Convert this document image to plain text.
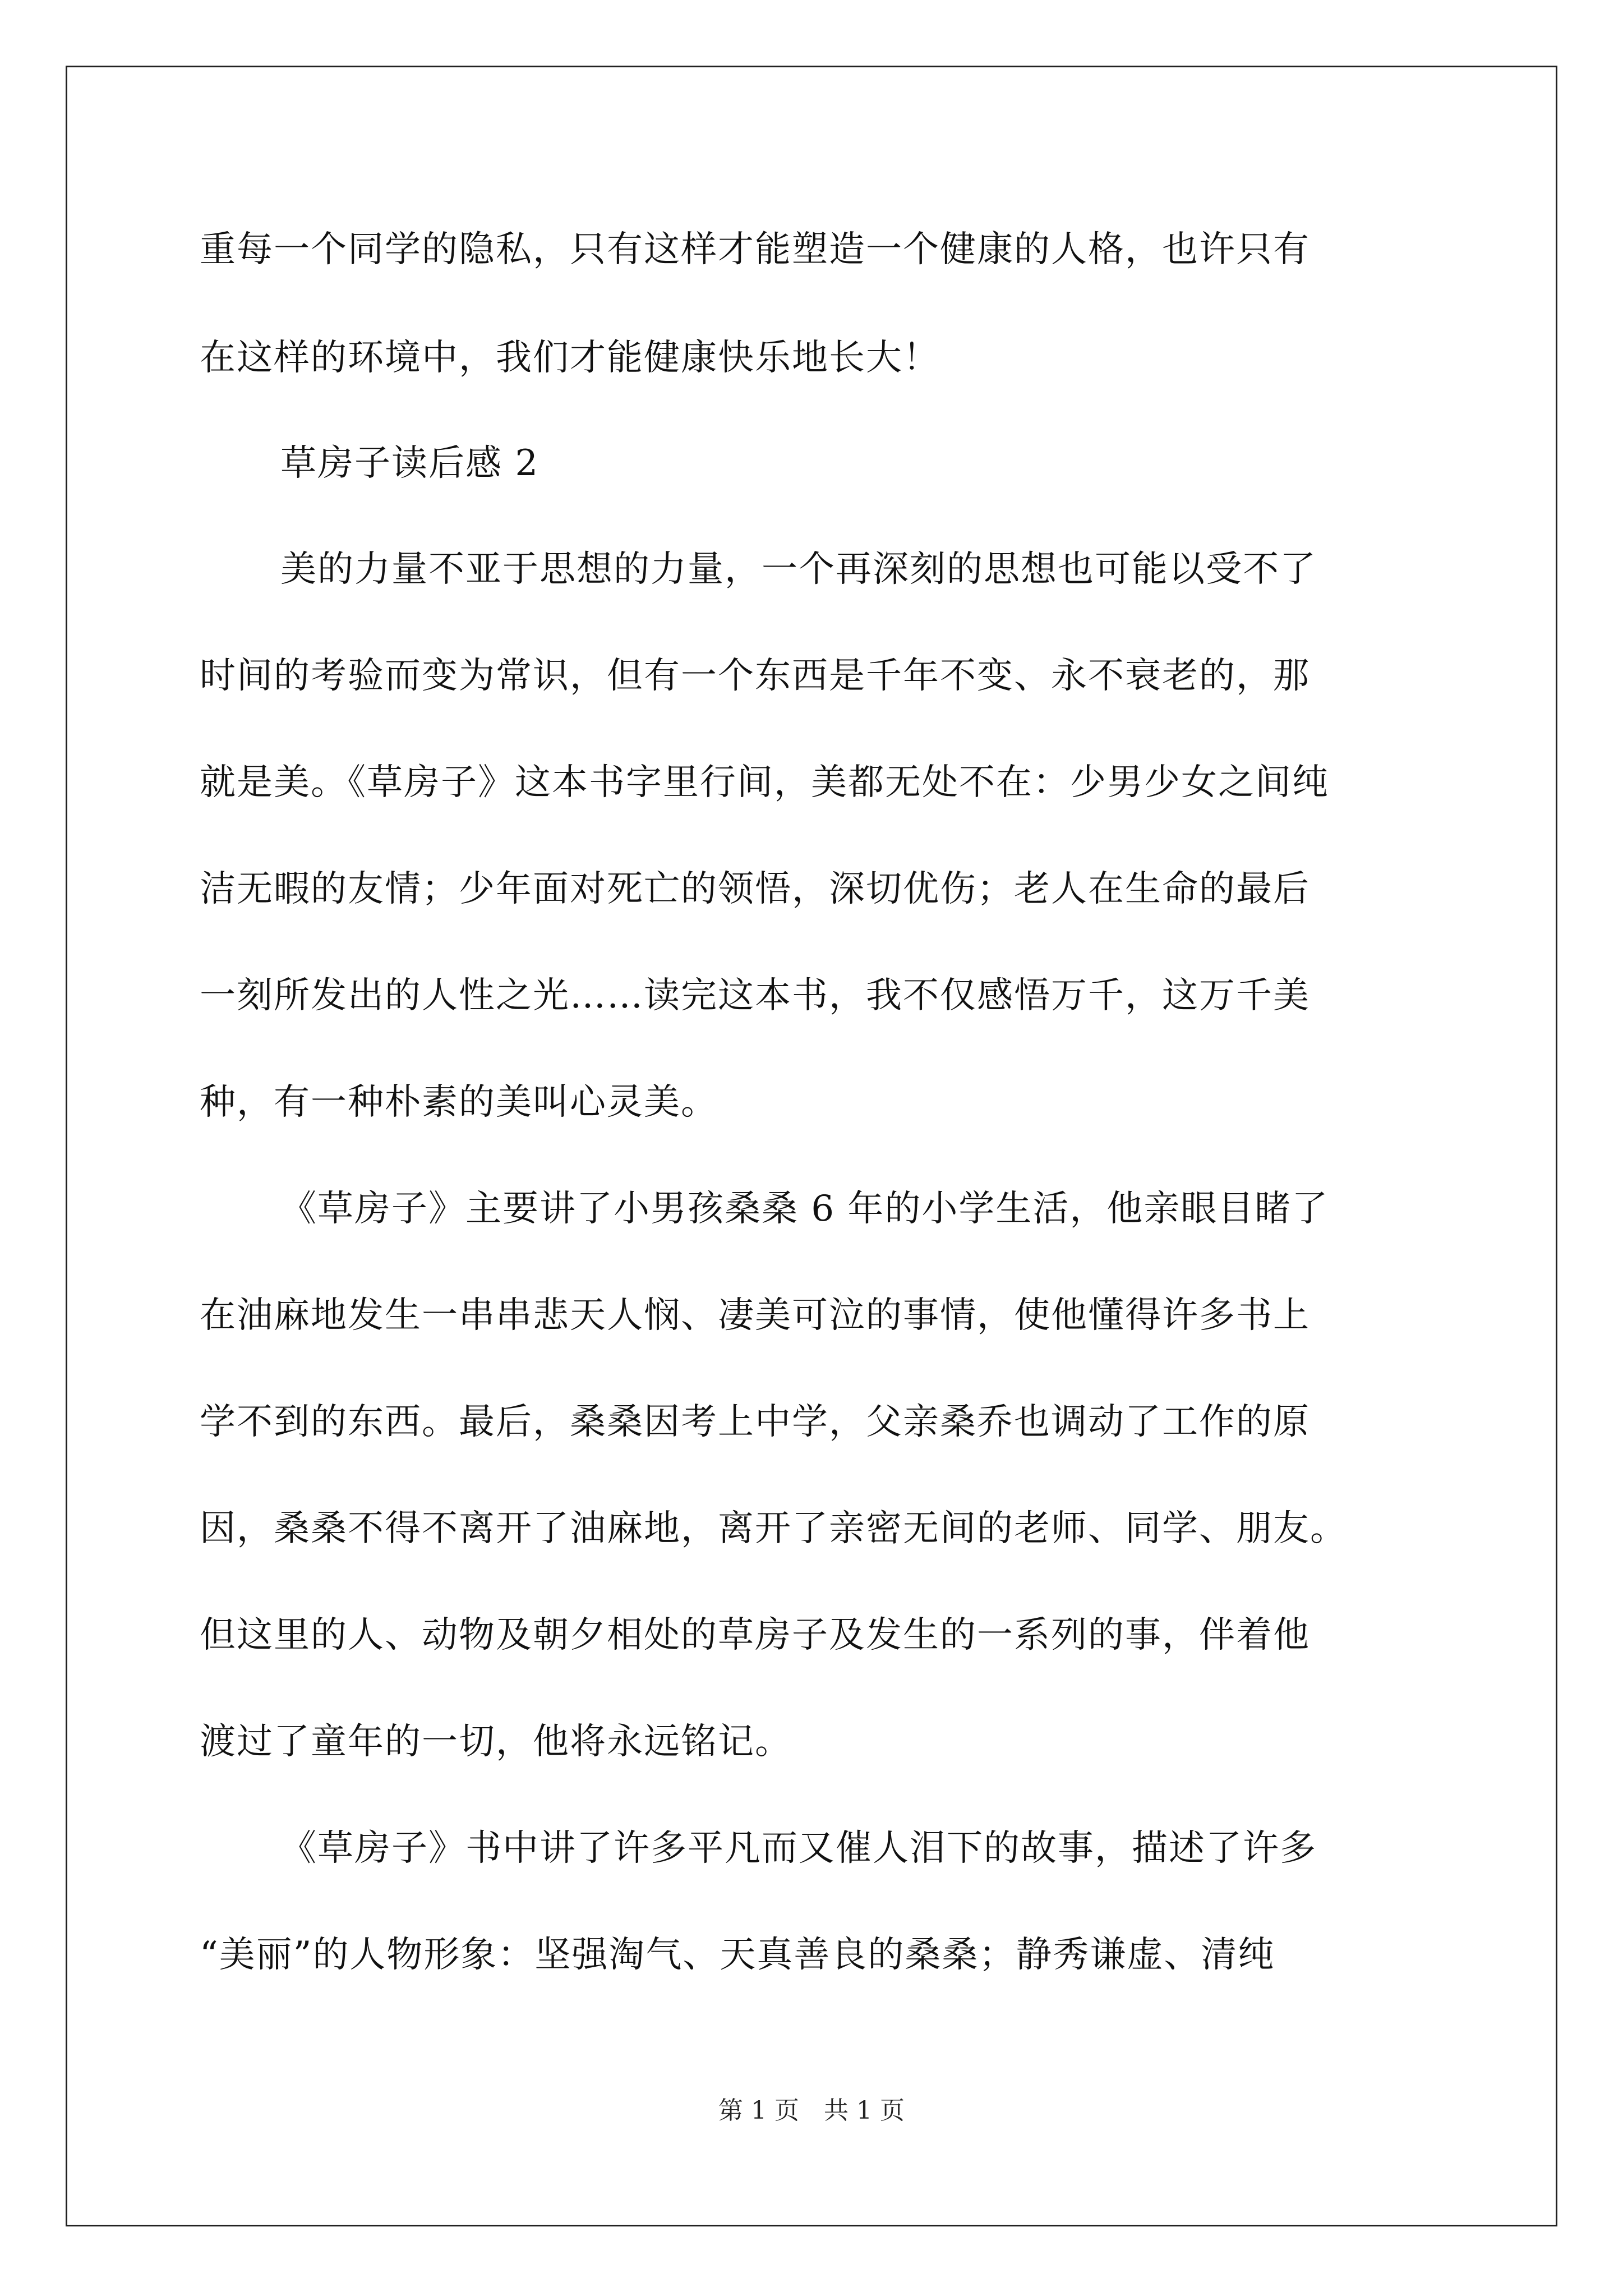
重每一个同学的隐私，只有这样才能塑造一个健康的人格，也许只有
在这样的环境中，我们才能健康快乐地长大！
草房子读后感 2
美的力量不亚于思想的力量，一个再深刻的思想也可能以受不了
时间的考验而变为常识，但有一个东西是千年不变、永不衰老的，那
就是美。《草房子》这本书字里行间，美都无处不在：少男少女之间纯
洁无暇的友情；少年面对死亡的领悟，深切优伤；老人在生命的最后
一刻所发出的人性之光……读完这本书，我不仅感悟万千，这万千美
种，有一种朴素的美叫心灵美。
《草房子》主要讲了小男孩桑桑 6 年的小学生活，他亲眼目睹了
在油麻地发生一串串悲天人悯、凄美可泣的事情，使他懂得许多书上
学不到的东西。最后，桑桑因考上中学，父亲桑乔也调动了工作的原
因，桑桑不得不离开了油麻地，离开了亲密无间的老师、同学、朋友。
但这里的人、动物及朝夕相处的草房子及发生的一系列的事，伴着他
渡过了童年的一切，他将永远铭记。
《草房子》书中讲了许多平凡而又催人泪下的故事，描述了许多
“美丽”的人物形象：坚强淘气、天真善良的桑桑；静秀谦虚、清纯
第 1 页　共 1 页
